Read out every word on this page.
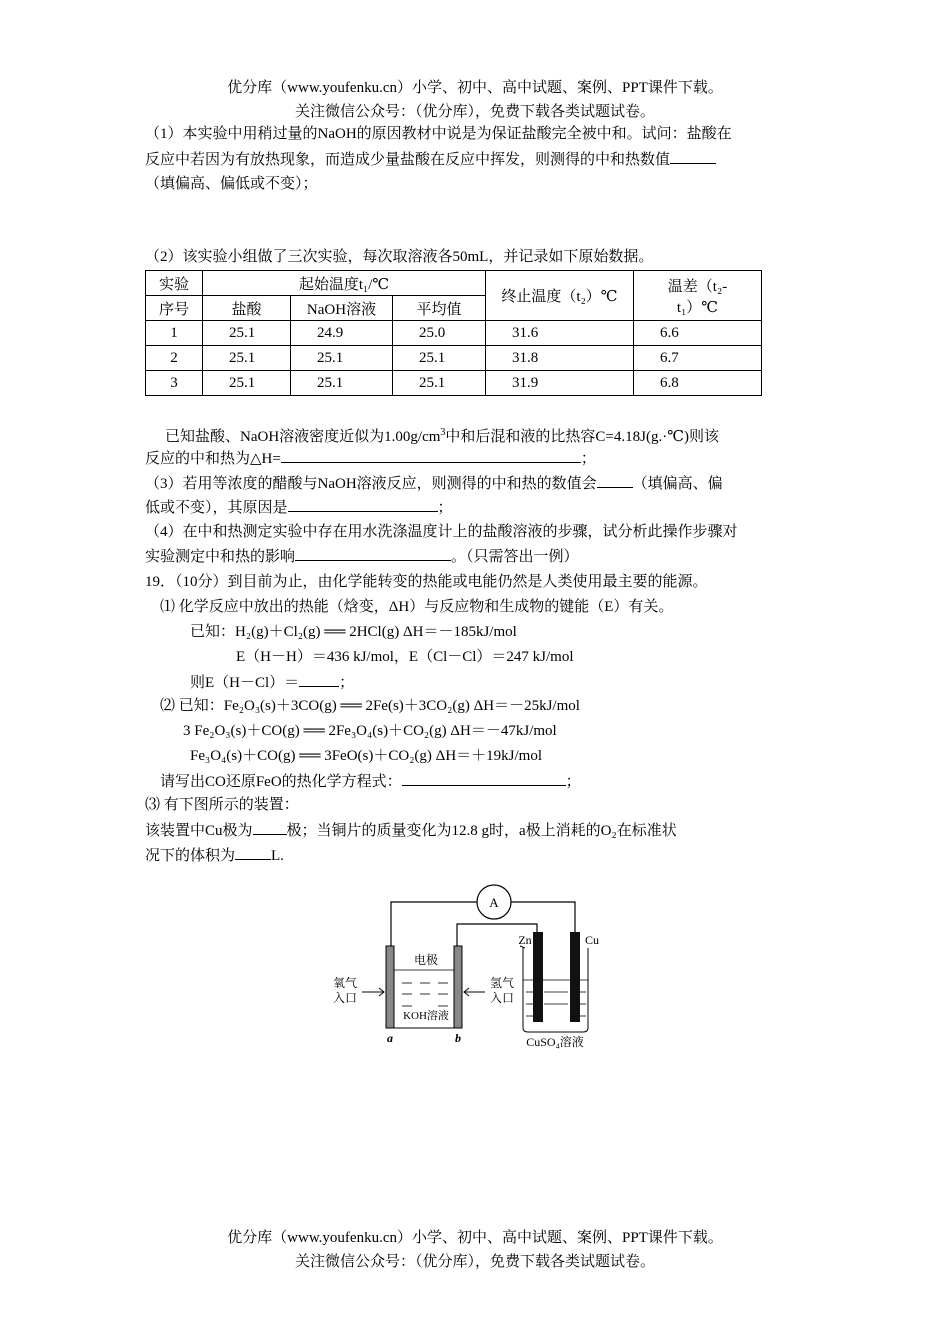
优分库（www.youfenku.cn）小学、初中、高中试题、案例、PPT课件下载。
关注微信公众号：（优分库），免费下载各类试题试卷。
（1）本实验中用稍过量的NaOH的原因教材中说是为保证盐酸完全被中和。试问：盐酸在
反应中若因为有放热现象，而造成少量盐酸在反应中挥发，则测得的中和热数值
（填偏高、偏低或不变）；
（2）该实验小组做了三次实验，每次取溶液各50mL，并记录如下原始数据。
实验	起始温度t₁/℃			终止温度（t₂）℃	温差（t₂-
t₁）℃

序号	盐酸	NaOH溶液	平均值		
1	25.1	24.9	25.0	31.6	6.6
2	25.1	25.1	25.1	31.8	6.7
3	25.1	25.1	25.1	31.9	6.8
已知盐酸、NaOH溶液密度近似为$1.00g/cm^3$中和后混和液的比热容C=4.18J(g.·℃)则该
反应的中和热为△H=	；
（3）若用等浓度的醋酸与NaOH溶液反应，则测得的中和热的数值会 （填偏高、偏
低或不变），其原因是	；
（4）在中和热测定实验中存在用水洗涤温度计上的盐酸溶液的步骤，试分析此操作步骤对
实验测定中和热的影响	。（只需答出一例）
19．（10分）到目前为止，由化学能转变的热能或电能仍然是人类使用最主要的能源。
⑴ 化学反应中放出的热能（焓变，ΔH）与反应物和生成物的键能（E）有关。
已知：H₂(g)＋Cl₂(g) ══ 2HCl(g) ΔH＝－185kJ/mol
E（H－H）＝436 kJ/mol，E（Cl－Cl）＝247 kJ/mol
则E（H－Cl）＝	；
⑵ 已知：Fe₂O₃(s)＋3CO(g) ══ 2Fe(s)＋3CO₂(g) ΔH＝－25kJ/mol
3 Fe₂O₃(s)＋CO(g) ══ 2Fe₃O₄(s)＋CO₂(g) ΔH＝－47kJ/mol
Fe₃O₄(s)＋CO(g) ══ 3FeO(s)＋CO₂(g) ΔH＝＋19kJ/mol
请写出CO还原FeO的热化学方程式：	；
⑶ 有下图所示的装置：
该装置中Cu极为 极；当铜片的质量变化为12.8 g时，a极上消耗的O₂在标准状
况下的体积为 L.
A
电极
KOH溶液
a	b
氧气
入口
氢气
入口
Zn	Cu
CuSO₄溶液
优分库（www.youfenku.cn）小学、初中、高中试题、案例、PPT课件下载。
关注微信公众号：（优分库），免费下载各类试题试卷。
